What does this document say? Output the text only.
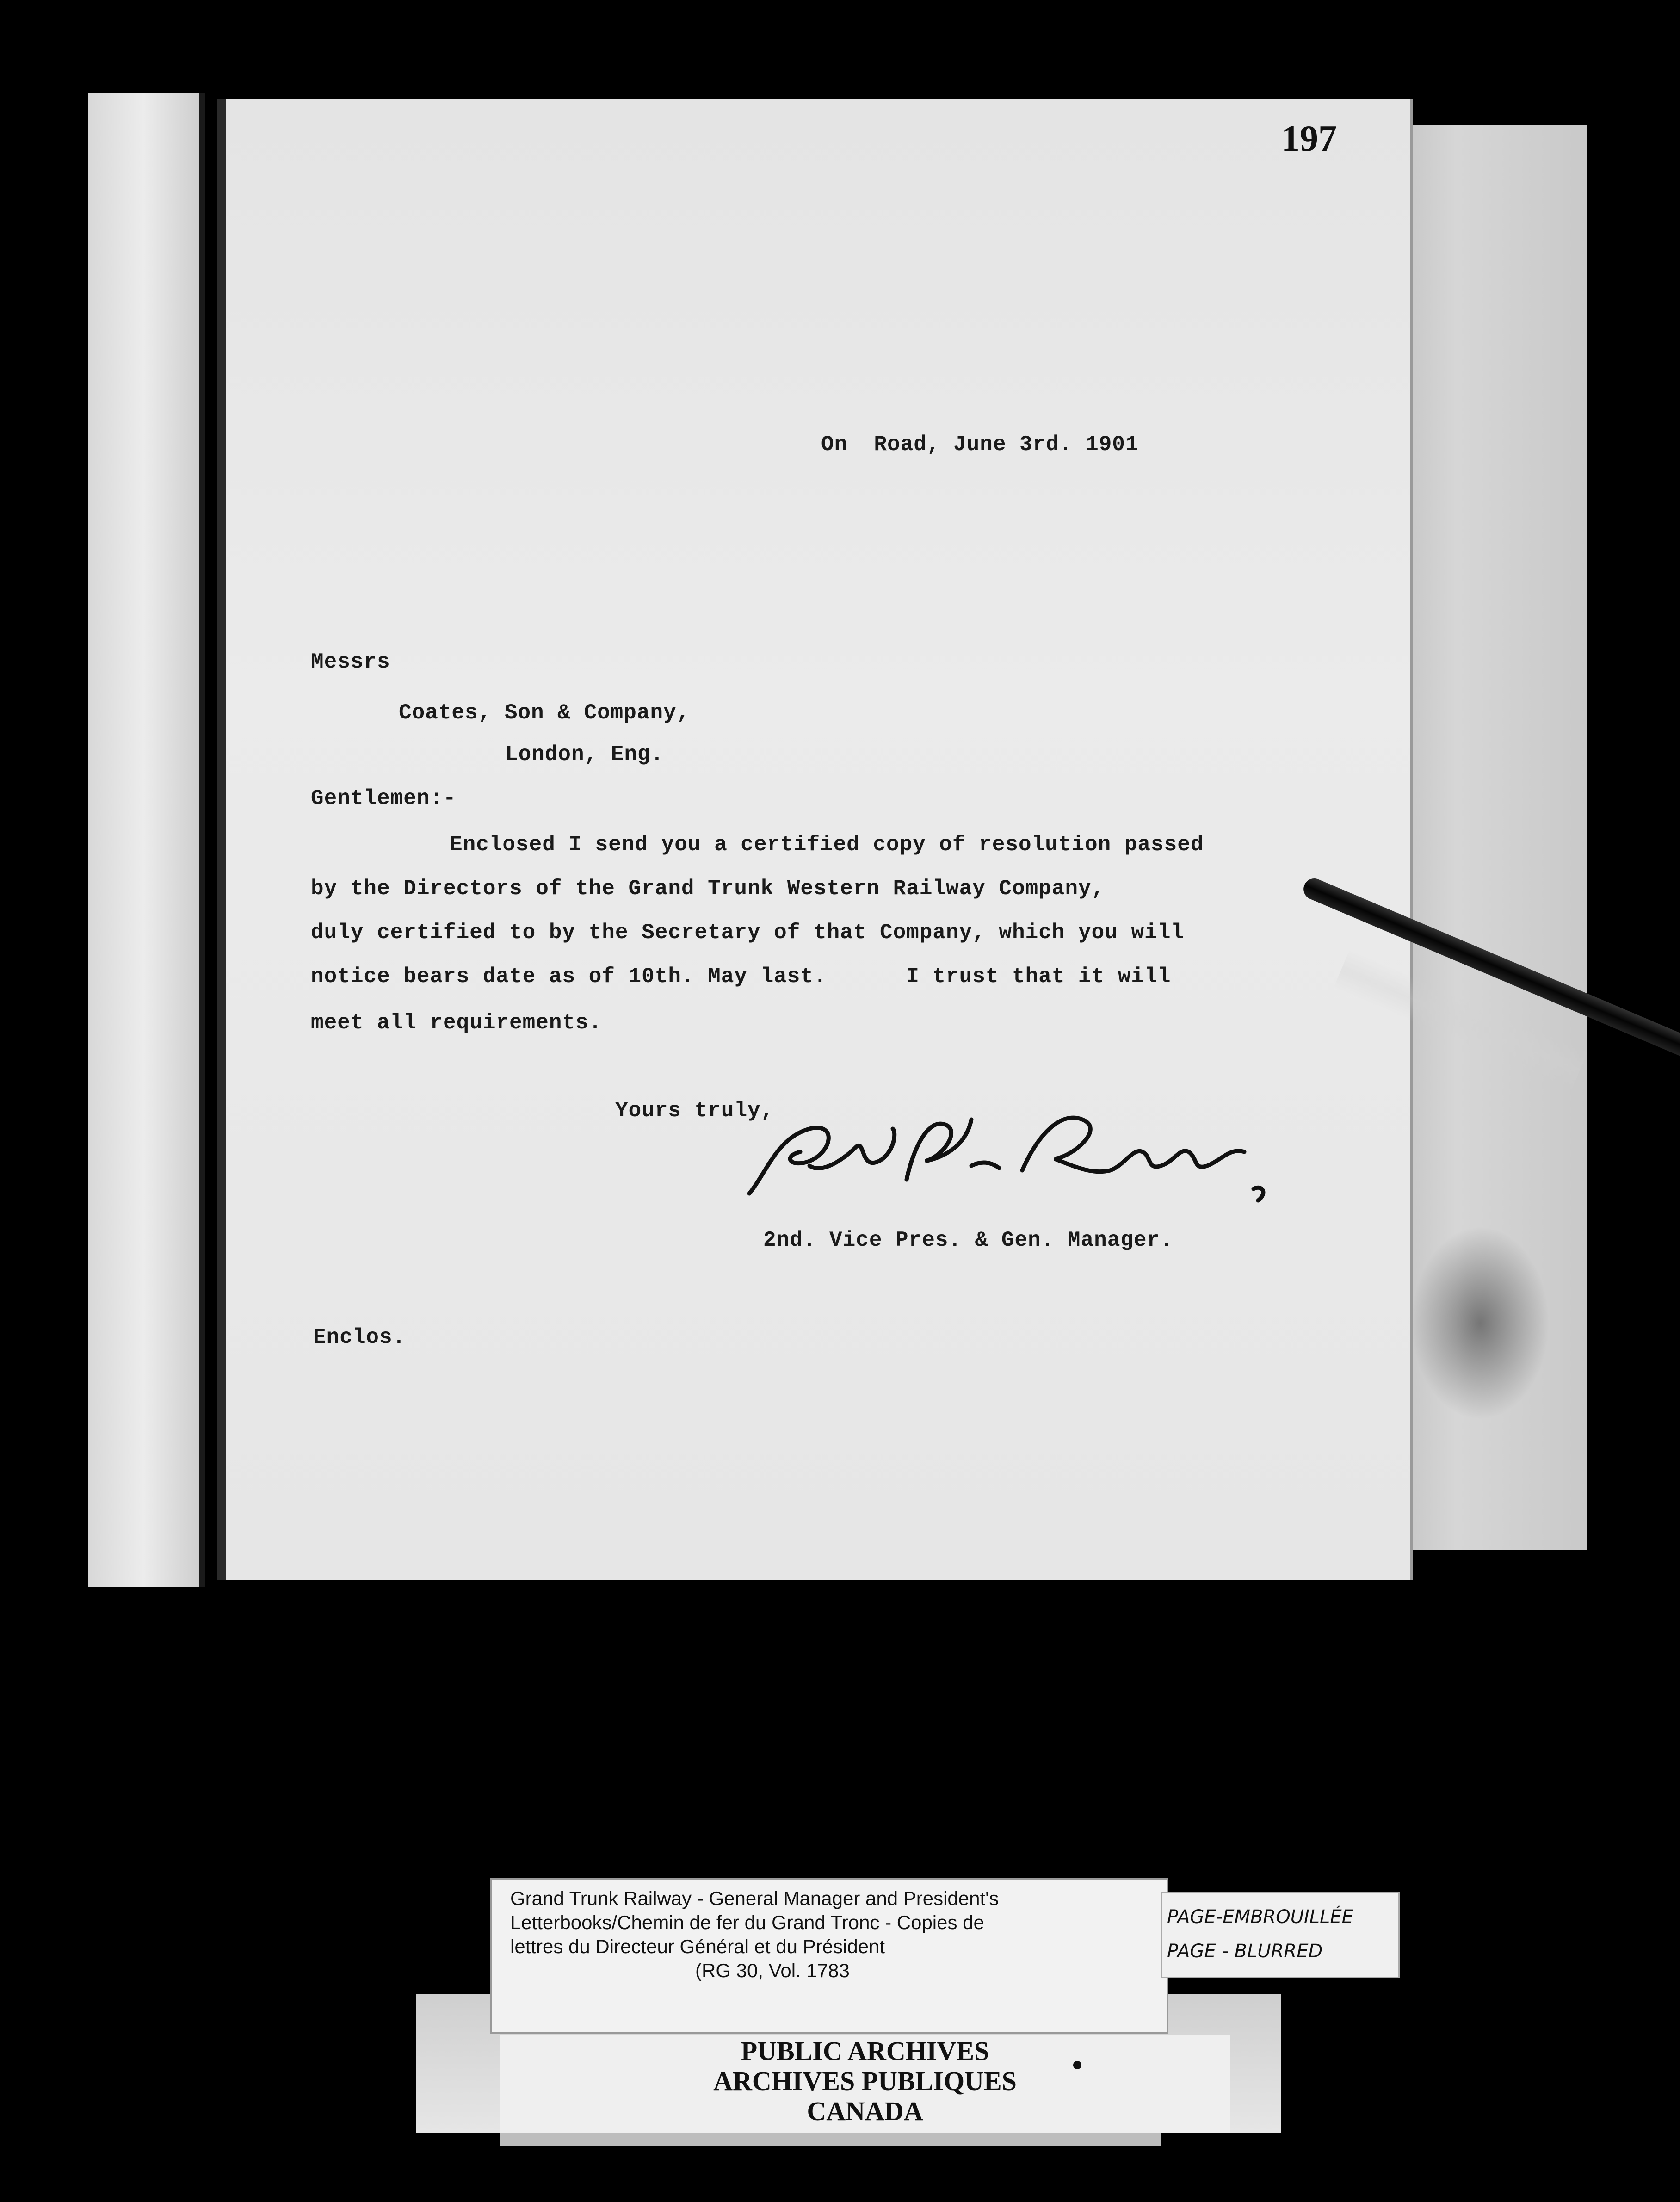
197

On  Road, June 3rd. 1901

Messrs

Coates, Son & Company,

London, Eng.

Gentlemen:-

Enclosed I send you a certified copy of resolution passed

by the Directors of the Grand Trunk Western Railway Company,

duly certified to by the Secretary of that Company, which you will

notice bears date as of 10th. May last.      I trust that it will

meet all requirements.

Yours truly,

2nd. Vice Pres. & Gen. Manager.

Enclos.

Grand Trunk Railway - General Manager and President's

Letterbooks/Chemin de fer du Grand Tronc - Copies de

lettres du Directeur Général et du Président

(RG 30, Vol. 1783

PAGE-EMBROUILLÉE

PAGE - BLURRED

PUBLIC ARCHIVES

ARCHIVES PUBLIQUES

CANADA
